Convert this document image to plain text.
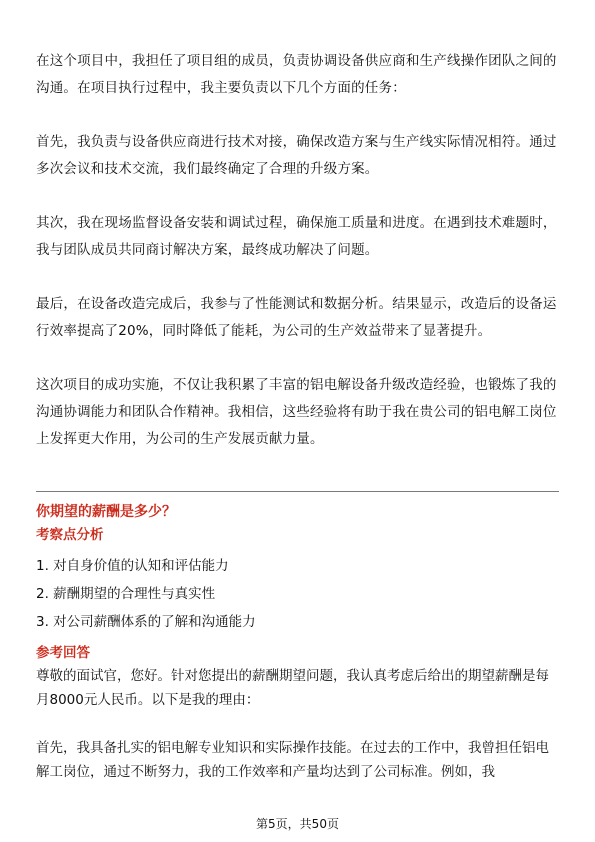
在这个项目中，我担任了项目组的成员，负责协调设备供应商和生产线操作团队之间的沟通。在项目执行过程中，我主要负责以下几个方面的任务：

首先，我负责与设备供应商进行技术对接，确保改造方案与生产线实际情况相符。通过多次会议和技术交流，我们最终确定了合理的升级方案。

其次，我在现场监督设备安装和调试过程，确保施工质量和进度。在遇到技术难题时，我与团队成员共同商讨解决方案，最终成功解决了问题。

最后，在设备改造完成后，我参与了性能测试和数据分析。结果显示，改造后的设备运行效率提高了20%，同时降低了能耗，为公司的生产效益带来了显著提升。

这次项目的成功实施，不仅让我积累了丰富的铝电解设备升级改造经验，也锻炼了我的沟通协调能力和团队合作精神。我相信，这些经验将有助于我在贵公司的铝电解工岗位上发挥更大作用，为公司的生产发展贡献力量。

你期望的薪酬是多少？

考察点分析

1. 对自身价值的认知和评估能力
2. 薪酬期望的合理性与真实性
3. 对公司薪酬体系的了解和沟通能力

参考回答

尊敬的面试官，您好。针对您提出的薪酬期望问题，我认真考虑后给出的期望薪酬是每月8000元人民币。以下是我的理由：

首先，我具备扎实的铝电解专业知识和实际操作技能。在过去的工作中，我曾担任铝电解工岗位，通过不断努力，我的工作效率和产量均达到了公司标准。例如，我

第5页，共50页
